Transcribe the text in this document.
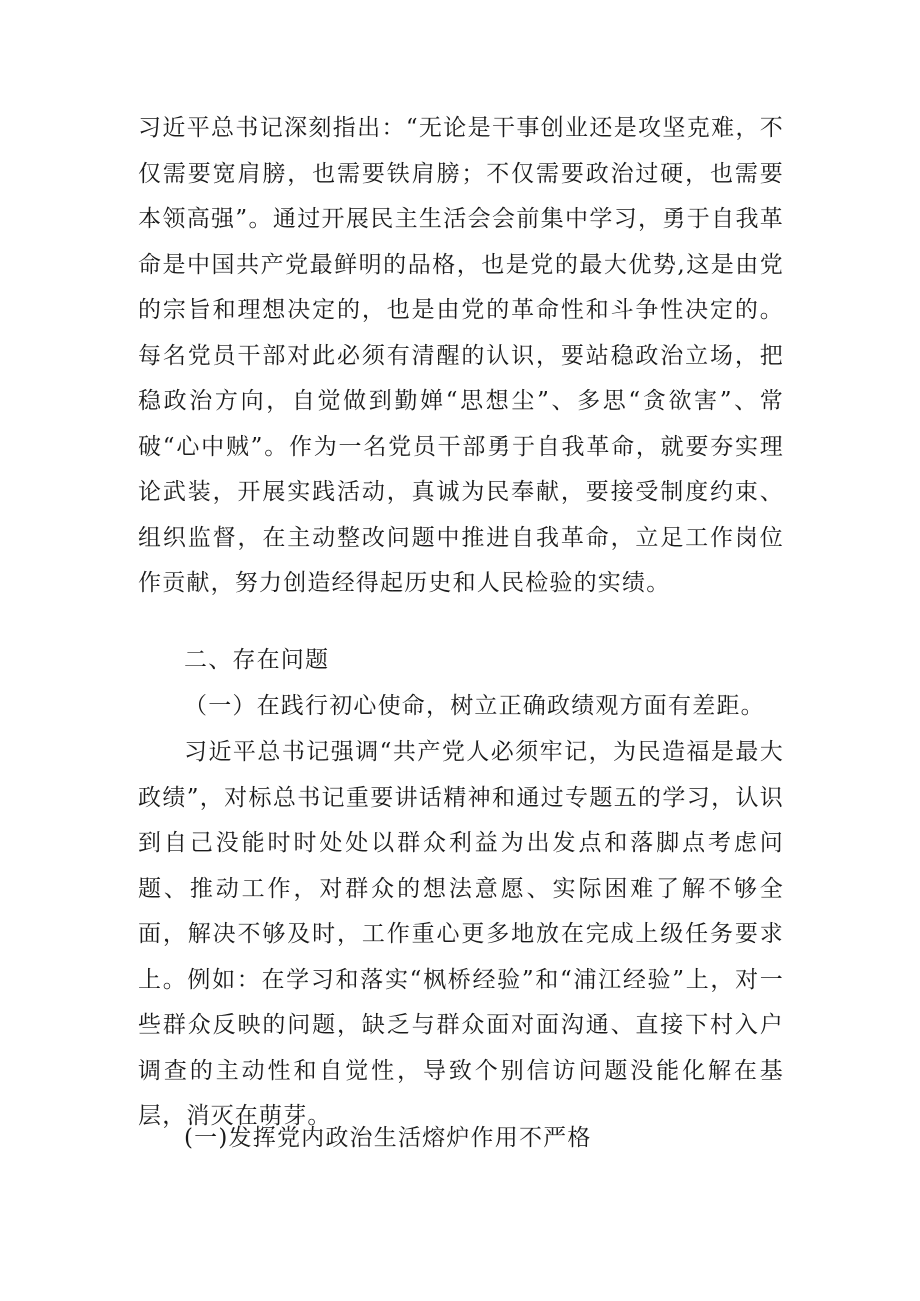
习近平总书记深刻指出：“无论是干事创业还是攻坚克难，不仅需要宽肩膀，也需要铁肩膀；不仅需要政治过硬，也需要本领高强”。通过开展民主生活会会前集中学习，勇于自我革命是中国共产党最鲜明的品格，也是党的最大优势,这是由党的宗旨和理想决定的，也是由党的革命性和斗争性决定的。每名党员干部对此必须有清醒的认识，要站稳政治立场，把稳政治方向，自觉做到勤婵“思想尘”、多思“贪欲害”、常破“心中贼”。作为一名党员干部勇于自我革命，就要夯实理论武装，开展实践活动，真诚为民奉献，要接受制度约束、组织监督，在主动整改问题中推进自我革命，立足工作岗位作贡献，努力创造经得起历史和人民检验的实绩。

二、存在问题

（一）在践行初心使命，树立正确政绩观方面有差距。

习近平总书记强调“共产党人必须牢记，为民造福是最大政绩”，对标总书记重要讲话精神和通过专题五的学习，认识到自己没能时时处处以群众利益为出发点和落脚点考虑问题、推动工作，对群众的想法意愿、实际困难了解不够全面，解决不够及时，工作重心更多地放在完成上级任务要求上。例如：在学习和落实“枫桥经验”和“浦江经验”上，对一些群众反映的问题，缺乏与群众面对面沟通、直接下村入户调查的主动性和自觉性，导致个别信访问题没能化解在基层，消灭在萌芽。

(一)发挥党内政治生活熔炉作用不严格
